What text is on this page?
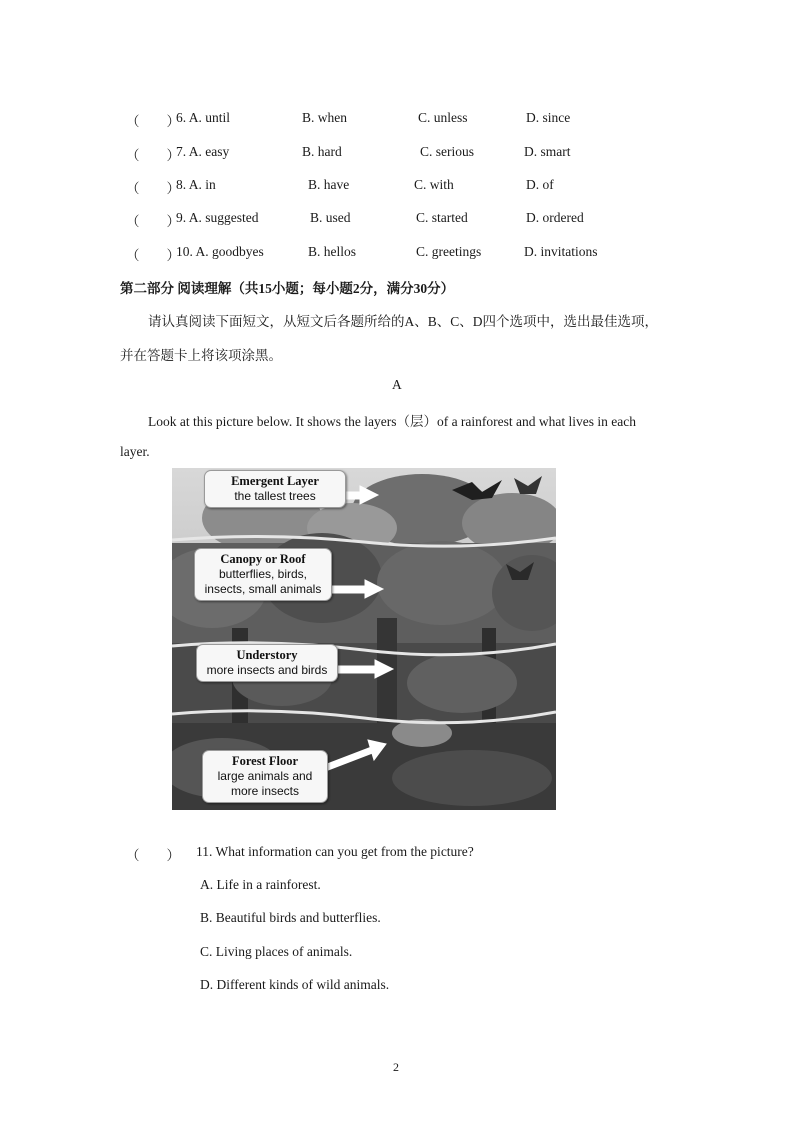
（　　）
6. A. until	B. when	C. unless	D. since
（　　）
7. A. easy	B. hard	C. serious	D. smart
（　　）
8. A. in	B. have	C. with	D. of
（　　）
9. A. suggested	B. used	C. started	D. ordered
（　　）
10. A. goodbyes	B. hellos	C. greetings	D. invitations
第二部分 阅读理解（共15小题；每小题2分，满分30分）
请认真阅读下面短文，从短文后各题所给的A、B、C、D四个选项中，选出最佳选项，
并在答题卡上将该项涂黑。
A
Look at this picture below. It shows the layers（层）of a rainforest and what lives in each
layer.
Emergent Layer
the tallest trees
Canopy or Roof
butterflies, birds,
insects, small animals
Understory
more insects and birds
Forest Floor
large animals and
more insects
（　　） 11. What information can you get from the picture?
A. Life in a rainforest.
B. Beautiful birds and butterflies.
C. Living places of animals.
D. Different kinds of wild animals.
2
